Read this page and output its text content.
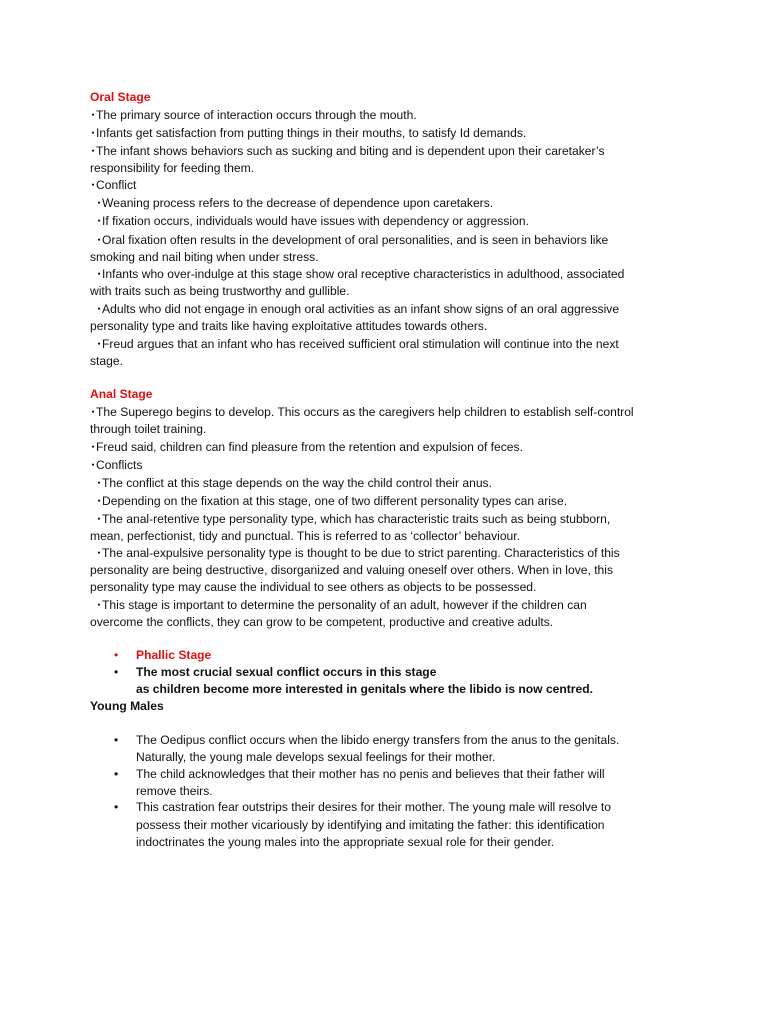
Oral Stage
･The primary source of interaction occurs through the mouth.
･Infants get satisfaction from putting things in their mouths, to satisfy Id demands.
･The infant shows behaviors such as sucking and biting and is dependent upon their caretaker’s
responsibility for feeding them.
･Conflict
･Weaning process refers to the decrease of dependence upon caretakers.
･If fixation occurs, individuals would have issues with dependency or aggression.
･Oral fixation often results in the development of oral personalities, and is seen in behaviors like
smoking and nail biting when under stress.
･Infants who over-indulge at this stage show oral receptive characteristics in adulthood, associated
with traits such as being trustworthy and gullible.
･Adults who did not engage in enough oral activities as an infant show signs of an oral aggressive
personality type and traits like having exploitative attitudes towards others.
･Freud argues that an infant who has received sufficient oral stimulation will continue into the next
stage.
Anal Stage
･The Superego begins to develop. This occurs as the caregivers help children to establish self-control
through toilet training.
･Freud said, children can find pleasure from the retention and expulsion of feces.
･Conflicts
･The conflict at this stage depends on the way the child control their anus.
･Depending on the fixation at this stage, one of two different personality types can arise.
･The anal-retentive type personality type, which has characteristic traits such as being stubborn,
mean, perfectionist, tidy and punctual. This is referred to as ‘collector’ behaviour.
･The anal-expulsive personality type is thought to be due to strict parenting. Characteristics of this
personality are being destructive, disorganized and valuing oneself over others. When in love, this
personality type may cause the individual to see others as objects to be possessed.
･This stage is important to determine the personality of an adult, however if the children can
overcome the conflicts, they can grow to be competent, productive and creative adults.
• Phallic Stage
• The most crucial sexual conflict occurs in this stage
as children become more interested in genitals where the libido is now centred.
Young Males
• The Oedipus conflict occurs when the libido energy transfers from the anus to the genitals.
Naturally, the young male develops sexual feelings for their mother.
• The child acknowledges that their mother has no penis and believes that their father will
remove theirs.
• This castration fear outstrips their desires for their mother. The young male will resolve to
possess their mother vicariously by identifying and imitating the father: this identification
indoctrinates the young males into the appropriate sexual role for their gender.
